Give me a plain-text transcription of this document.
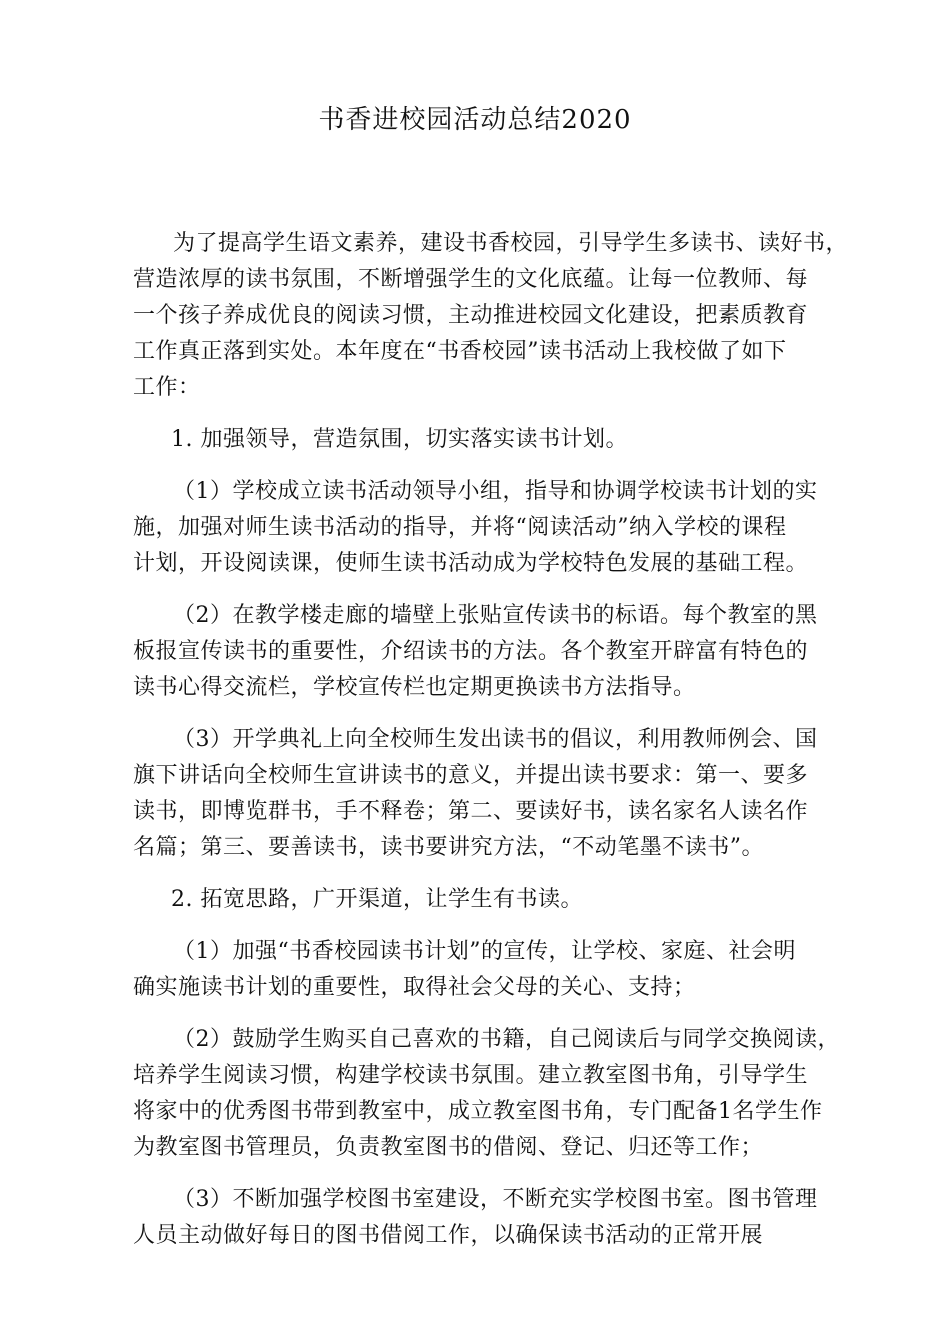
书香进校园活动总结2020
为了提高学生语文素养，建设书香校园，引导学生多读书、读好书，
营造浓厚的读书氛围，不断增强学生的文化底蕴。让每一位教师、每
一个孩子养成优良的阅读习惯，主动推进校园文化建设，把素质教育
工作真正落到实处。本年度在“书香校园”读书活动上我校做了如下
工作：
1. 加强领导，营造氛围，切实落实读书计划。
（1）学校成立读书活动领导小组，指导和协调学校读书计划的实
施，加强对师生读书活动的指导，并将“阅读活动”纳入学校的课程
计划，开设阅读课，使师生读书活动成为学校特色发展的基础工程。
（2）在教学楼走廊的墙壁上张贴宣传读书的标语。每个教室的黑
板报宣传读书的重要性，介绍读书的方法。各个教室开辟富有特色的
读书心得交流栏，学校宣传栏也定期更换读书方法指导。
（3）开学典礼上向全校师生发出读书的倡议，利用教师例会、国
旗下讲话向全校师生宣讲读书的意义，并提出读书要求：第一、要多
读书，即博览群书，手不释卷；第二、要读好书，读名家名人读名作
名篇；第三、要善读书，读书要讲究方法，“不动笔墨不读书”。
2. 拓宽思路，广开渠道，让学生有书读。
（1）加强“书香校园读书计划”的宣传，让学校、家庭、社会明
确实施读书计划的重要性，取得社会父母的关心、支持；
（2）鼓励学生购买自己喜欢的书籍，自己阅读后与同学交换阅读，
培养学生阅读习惯，构建学校读书氛围。建立教室图书角，引导学生
将家中的优秀图书带到教室中，成立教室图书角，专门配备1名学生作
为教室图书管理员，负责教室图书的借阅、登记、归还等工作；
（3）不断加强学校图书室建设，不断充实学校图书室。图书管理
人员主动做好每日的图书借阅工作，以确保读书活动的正常开展
